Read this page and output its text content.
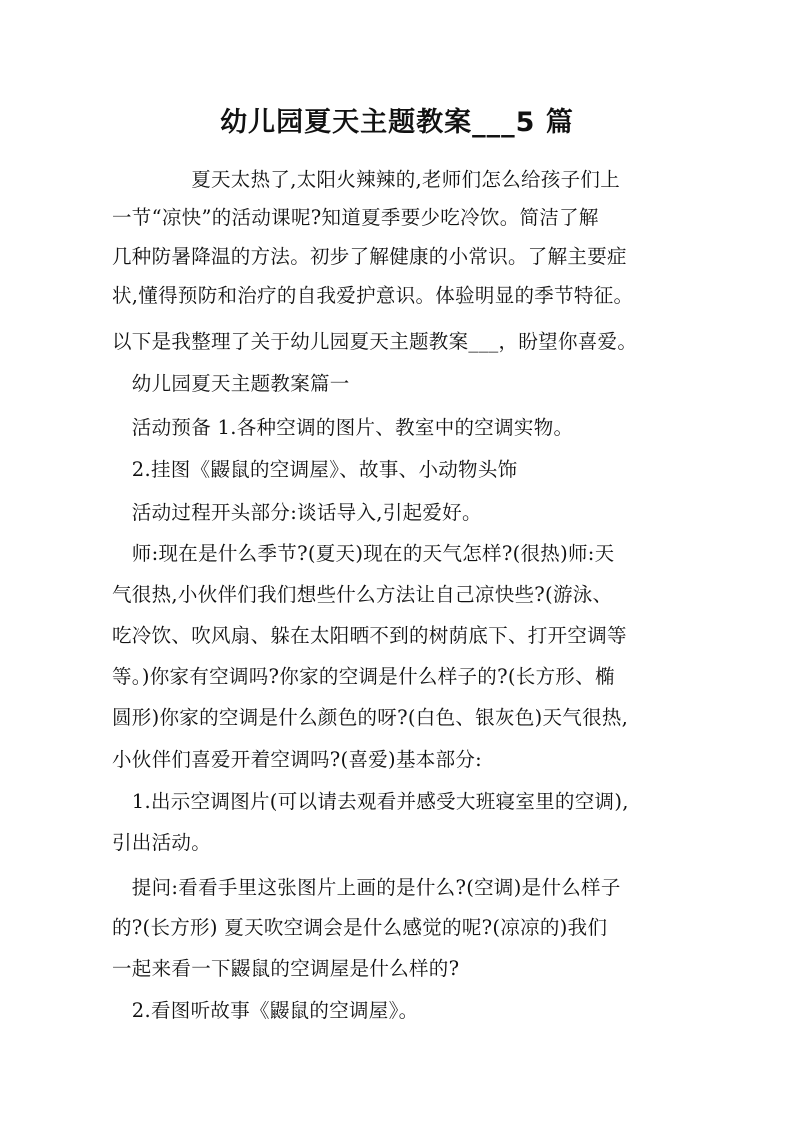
幼儿园夏天主题教案___5 篇

　　　　夏天太热了,太阳火辣辣的,老师们怎么给孩子们上

一节“凉快”的活动课呢?知道夏季要少吃冷饮。简洁了解

几种防暑降温的方法。初步了解健康的小常识。了解主要症

状,懂得预防和治疗的自我爱护意识。体验明显的季节特征。

以下是我整理了关于幼儿园夏天主题教案___，盼望你喜爱。

　幼儿园夏天主题教案篇一

　活动预备 1.各种空调的图片、教室中的空调实物。

　2.挂图《鼹鼠的空调屋》、故事、小动物头饰

　活动过程开头部分:谈话导入,引起爱好。

　师:现在是什么季节?(夏天)现在的天气怎样?(很热)师:天

气很热,小伙伴们我们想些什么方法让自己凉快些?(游泳、

吃冷饮、吹风扇、躲在太阳晒不到的树荫底下、打开空调等

等。)你家有空调吗?你家的空调是什么样子的?(长方形、椭

圆形)你家的空调是什么颜色的呀?(白色、银灰色)天气很热,

小伙伴们喜爱开着空调吗?(喜爱)基本部分:

　1.出示空调图片(可以请去观看并感受大班寝室里的空调),

引出活动。

　提问:看看手里这张图片上画的是什么?(空调)是什么样子

的?(长方形) 夏天吹空调会是什么感觉的呢?(凉凉的)我们

一起来看一下鼹鼠的空调屋是什么样的?

　2.看图听故事《鼹鼠的空调屋》。
